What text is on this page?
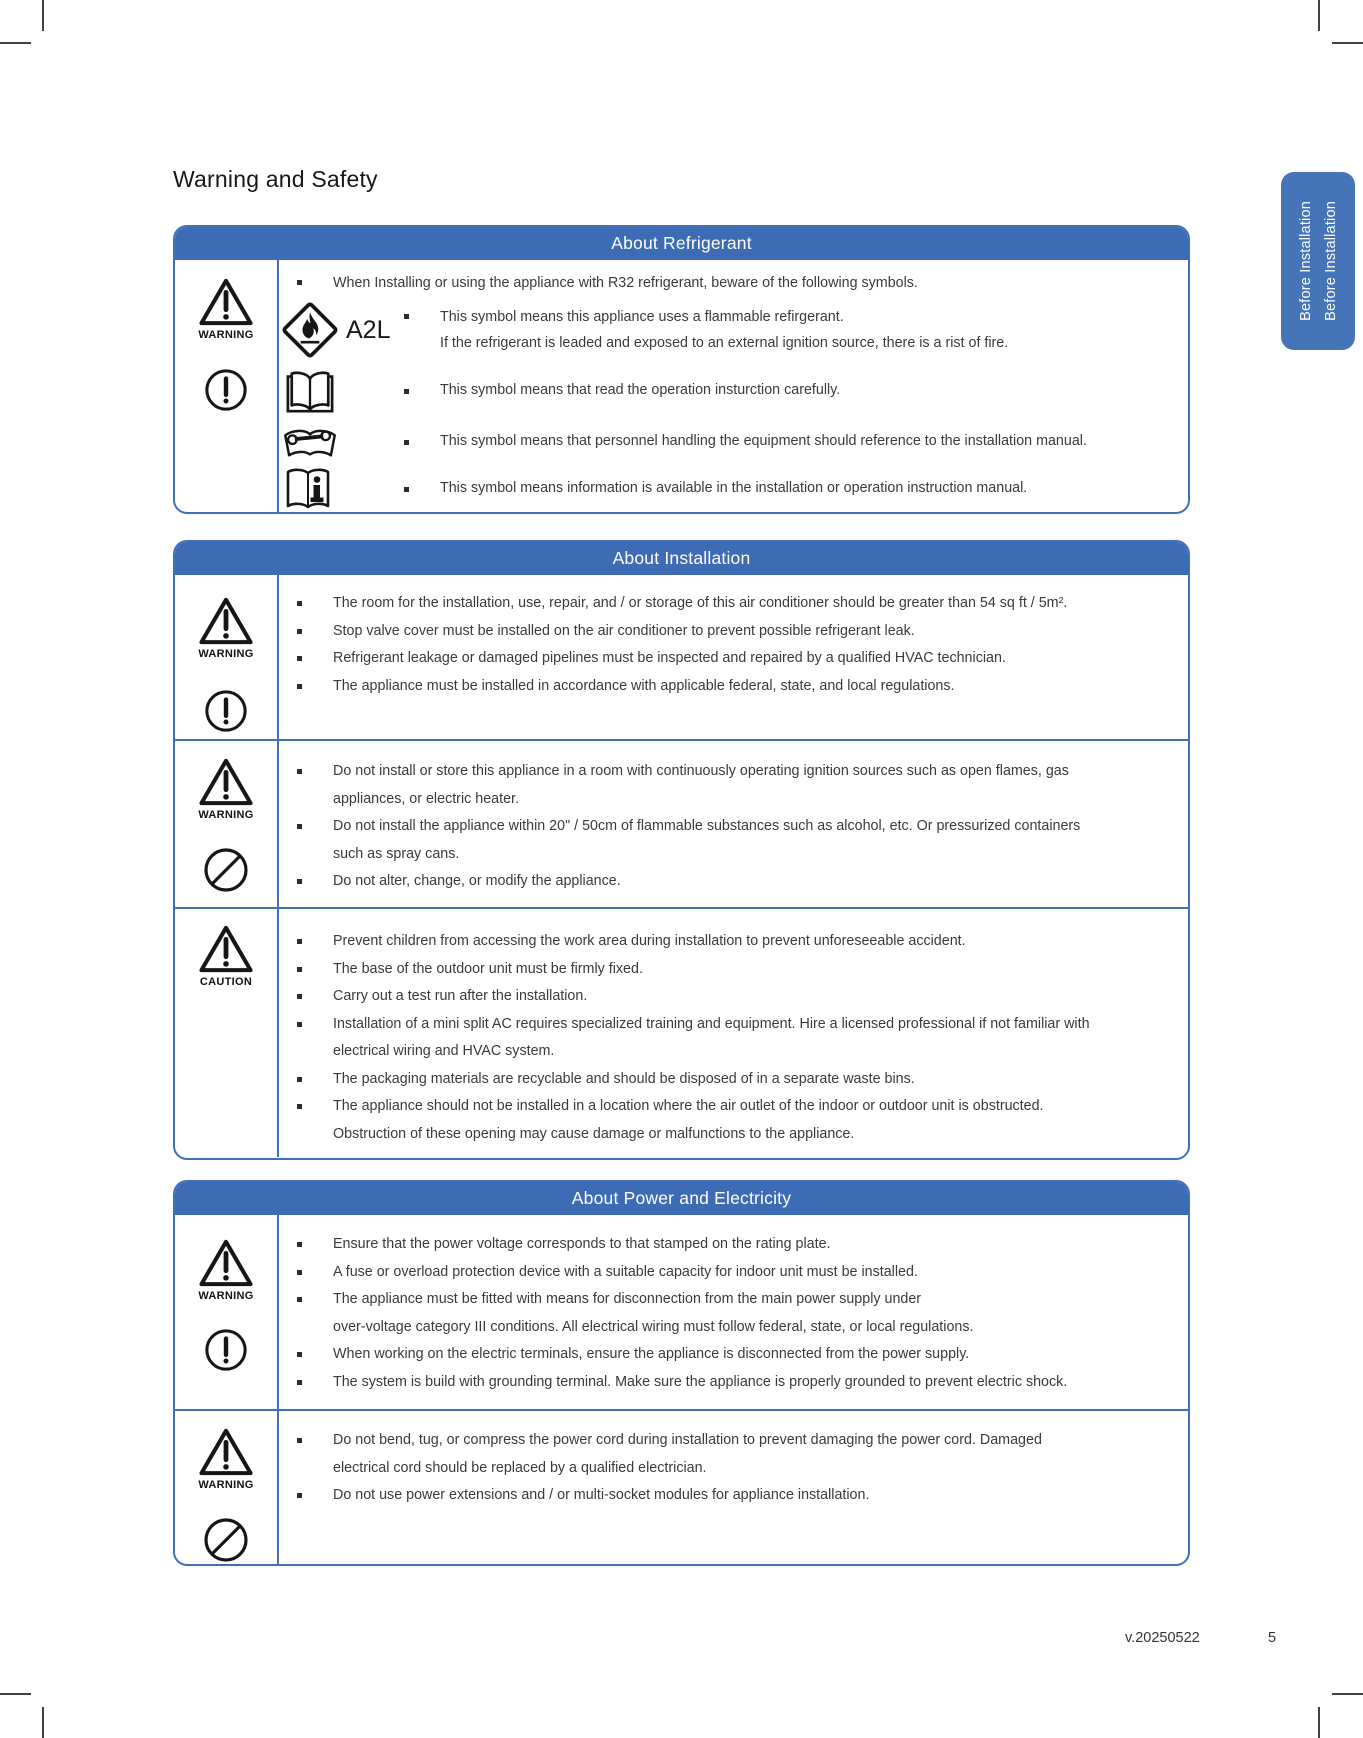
Warning and Safety
About Refrigerant
WARNING
When Installing or using the appliance with R32 refrigerant, beware of the following symbols.
A2L	This symbol means this appliance uses a flammable refirgerant.
If the refrigerant is leaded and exposed to an external ignition source, there is a rist of fire.
This symbol means that read the operation insturction carefully.
This symbol means that personnel handling the equipment should reference to the installation manual.
This symbol means information is available in the installation or operation instruction manual.
About Installation
WARNING
The room for the installation, use, repair, and / or storage of this air conditioner should be greater than 54 sq ft / 5m².
Stop valve cover must be installed on the air conditioner to prevent possible refrigerant leak.
Refrigerant leakage or damaged pipelines must be inspected and repaired by a qualified HVAC technician.
The appliance must be installed in accordance with applicable federal, state, and local regulations.
WARNING
Do not install or store this appliance in a room with continuously operating ignition sources such as open flames, gas
appliances, or electric heater.
Do not install the appliance within 20" / 50cm of flammable substances such as alcohol, etc. Or pressurized containers
such as spray cans.
Do not alter, change, or modify the appliance.
CAUTION
Prevent children from accessing the work area during installation to prevent unforeseeable accident.
The base of the outdoor unit must be firmly fixed.
Carry out a test run after the installation.
Installation of a mini split AC requires specialized training and equipment. Hire a licensed professional if not familiar with
electrical wiring and HVAC system.
The packaging materials are recyclable and should be disposed of in a separate waste bins.
The appliance should not be installed in a location where the air outlet of the indoor or outdoor unit is obstructed.
Obstruction of these opening may cause damage or malfunctions to the appliance.
About Power and Electricity
WARNING
Ensure that the power voltage corresponds to that stamped on the rating plate.
A fuse or overload protection device with a suitable capacity for indoor unit must be installed.
The appliance must be fitted with means for disconnection from the main power supply under
over-voltage category III conditions. All electrical wiring must follow federal, state, or local regulations.
When working on the electric terminals, ensure the appliance is disconnected from the power supply.
The system is build with grounding terminal. Make sure the appliance is properly grounded to prevent electric shock.
WARNING
Do not bend, tug, or compress the power cord during installation to prevent damaging the power cord. Damaged
electrical cord should be replaced by a qualified electrician.
Do not use power extensions and / or multi-socket modules for appliance installation.
Before Installation Before Installation
v.20250522	5
